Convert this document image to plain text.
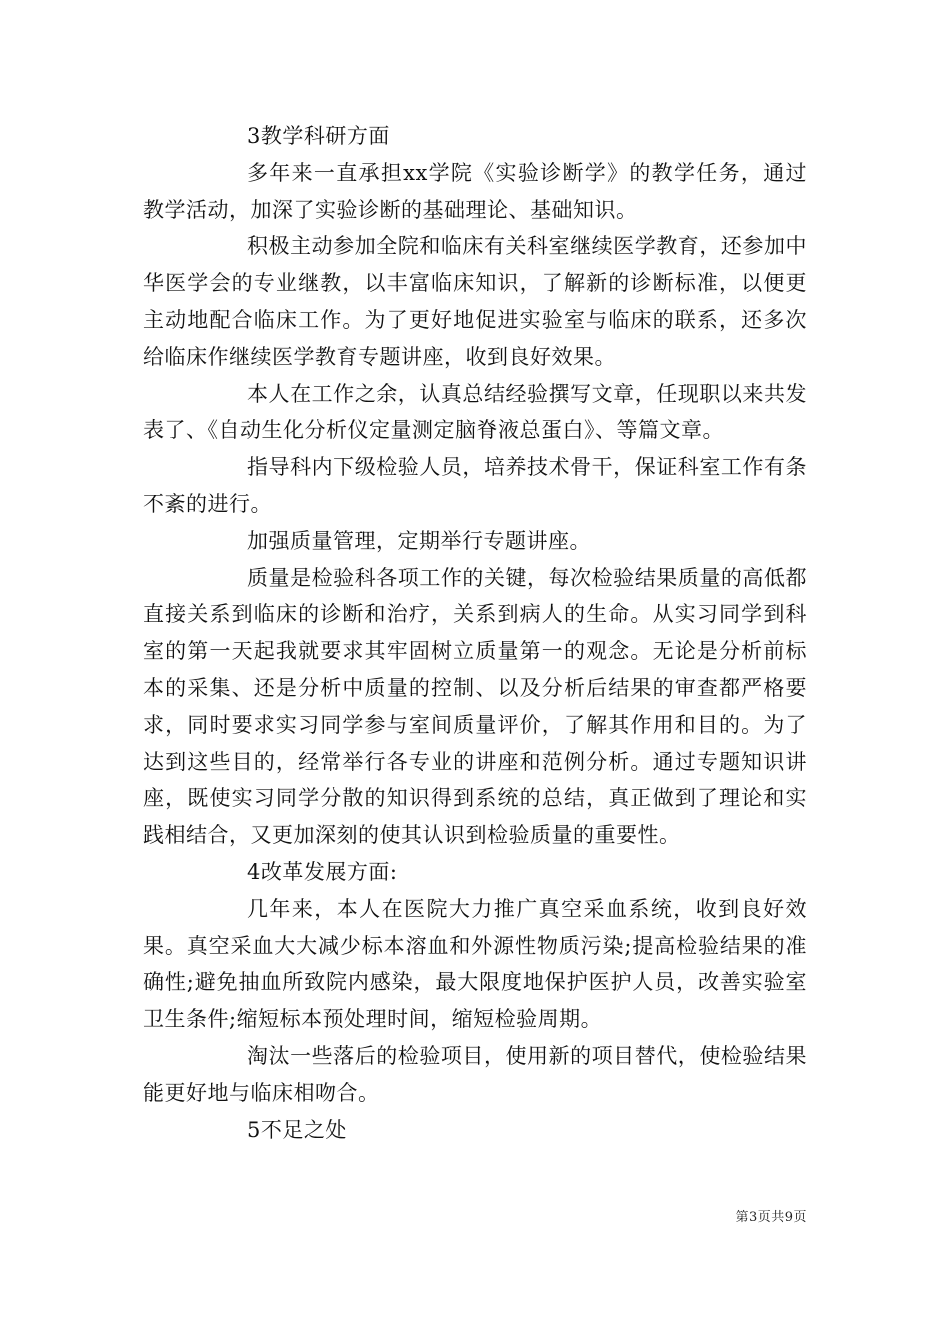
3教学科研方面

多年来一直承担xx学院《实验诊断学》的教学任务，通过教学活动，加深了实验诊断的基础理论、基础知识。

积极主动参加全院和临床有关科室继续医学教育，还参加中华医学会的专业继教，以丰富临床知识，了解新的诊断标准，以便更主动地配合临床工作。为了更好地促进实验室与临床的联系，还多次给临床作继续医学教育专题讲座，收到良好效果。

本人在工作之余，认真总结经验撰写文章，任现职以来共发表了、《自动生化分析仪定量测定脑脊液总蛋白》、等篇文章。

指导科内下级检验人员，培养技术骨干，保证科室工作有条不紊的进行。

加强质量管理，定期举行专题讲座。

质量是检验科各项工作的关键，每次检验结果质量的高低都直接关系到临床的诊断和治疗，关系到病人的生命。从实习同学到科室的第一天起我就要求其牢固树立质量第一的观念。无论是分析前标本的采集、还是分析中质量的控制、以及分析后结果的审查都严格要求，同时要求实习同学参与室间质量评价，了解其作用和目的。为了达到这些目的，经常举行各专业的讲座和范例分析。通过专题知识讲座，既使实习同学分散的知识得到系统的总结，真正做到了理论和实践相结合，又更加深刻的使其认识到检验质量的重要性。

4改革发展方面:

几年来，本人在医院大力推广真空采血系统，收到良好效果。真空采血大大减少标本溶血和外源性物质污染;提高检验结果的准确性;避免抽血所致院内感染，最大限度地保护医护人员，改善实验室卫生条件;缩短标本预处理时间，缩短检验周期。

淘汰一些落后的检验项目，使用新的项目替代，使检验结果能更好地与临床相吻合。

5不足之处

第3页共9页
